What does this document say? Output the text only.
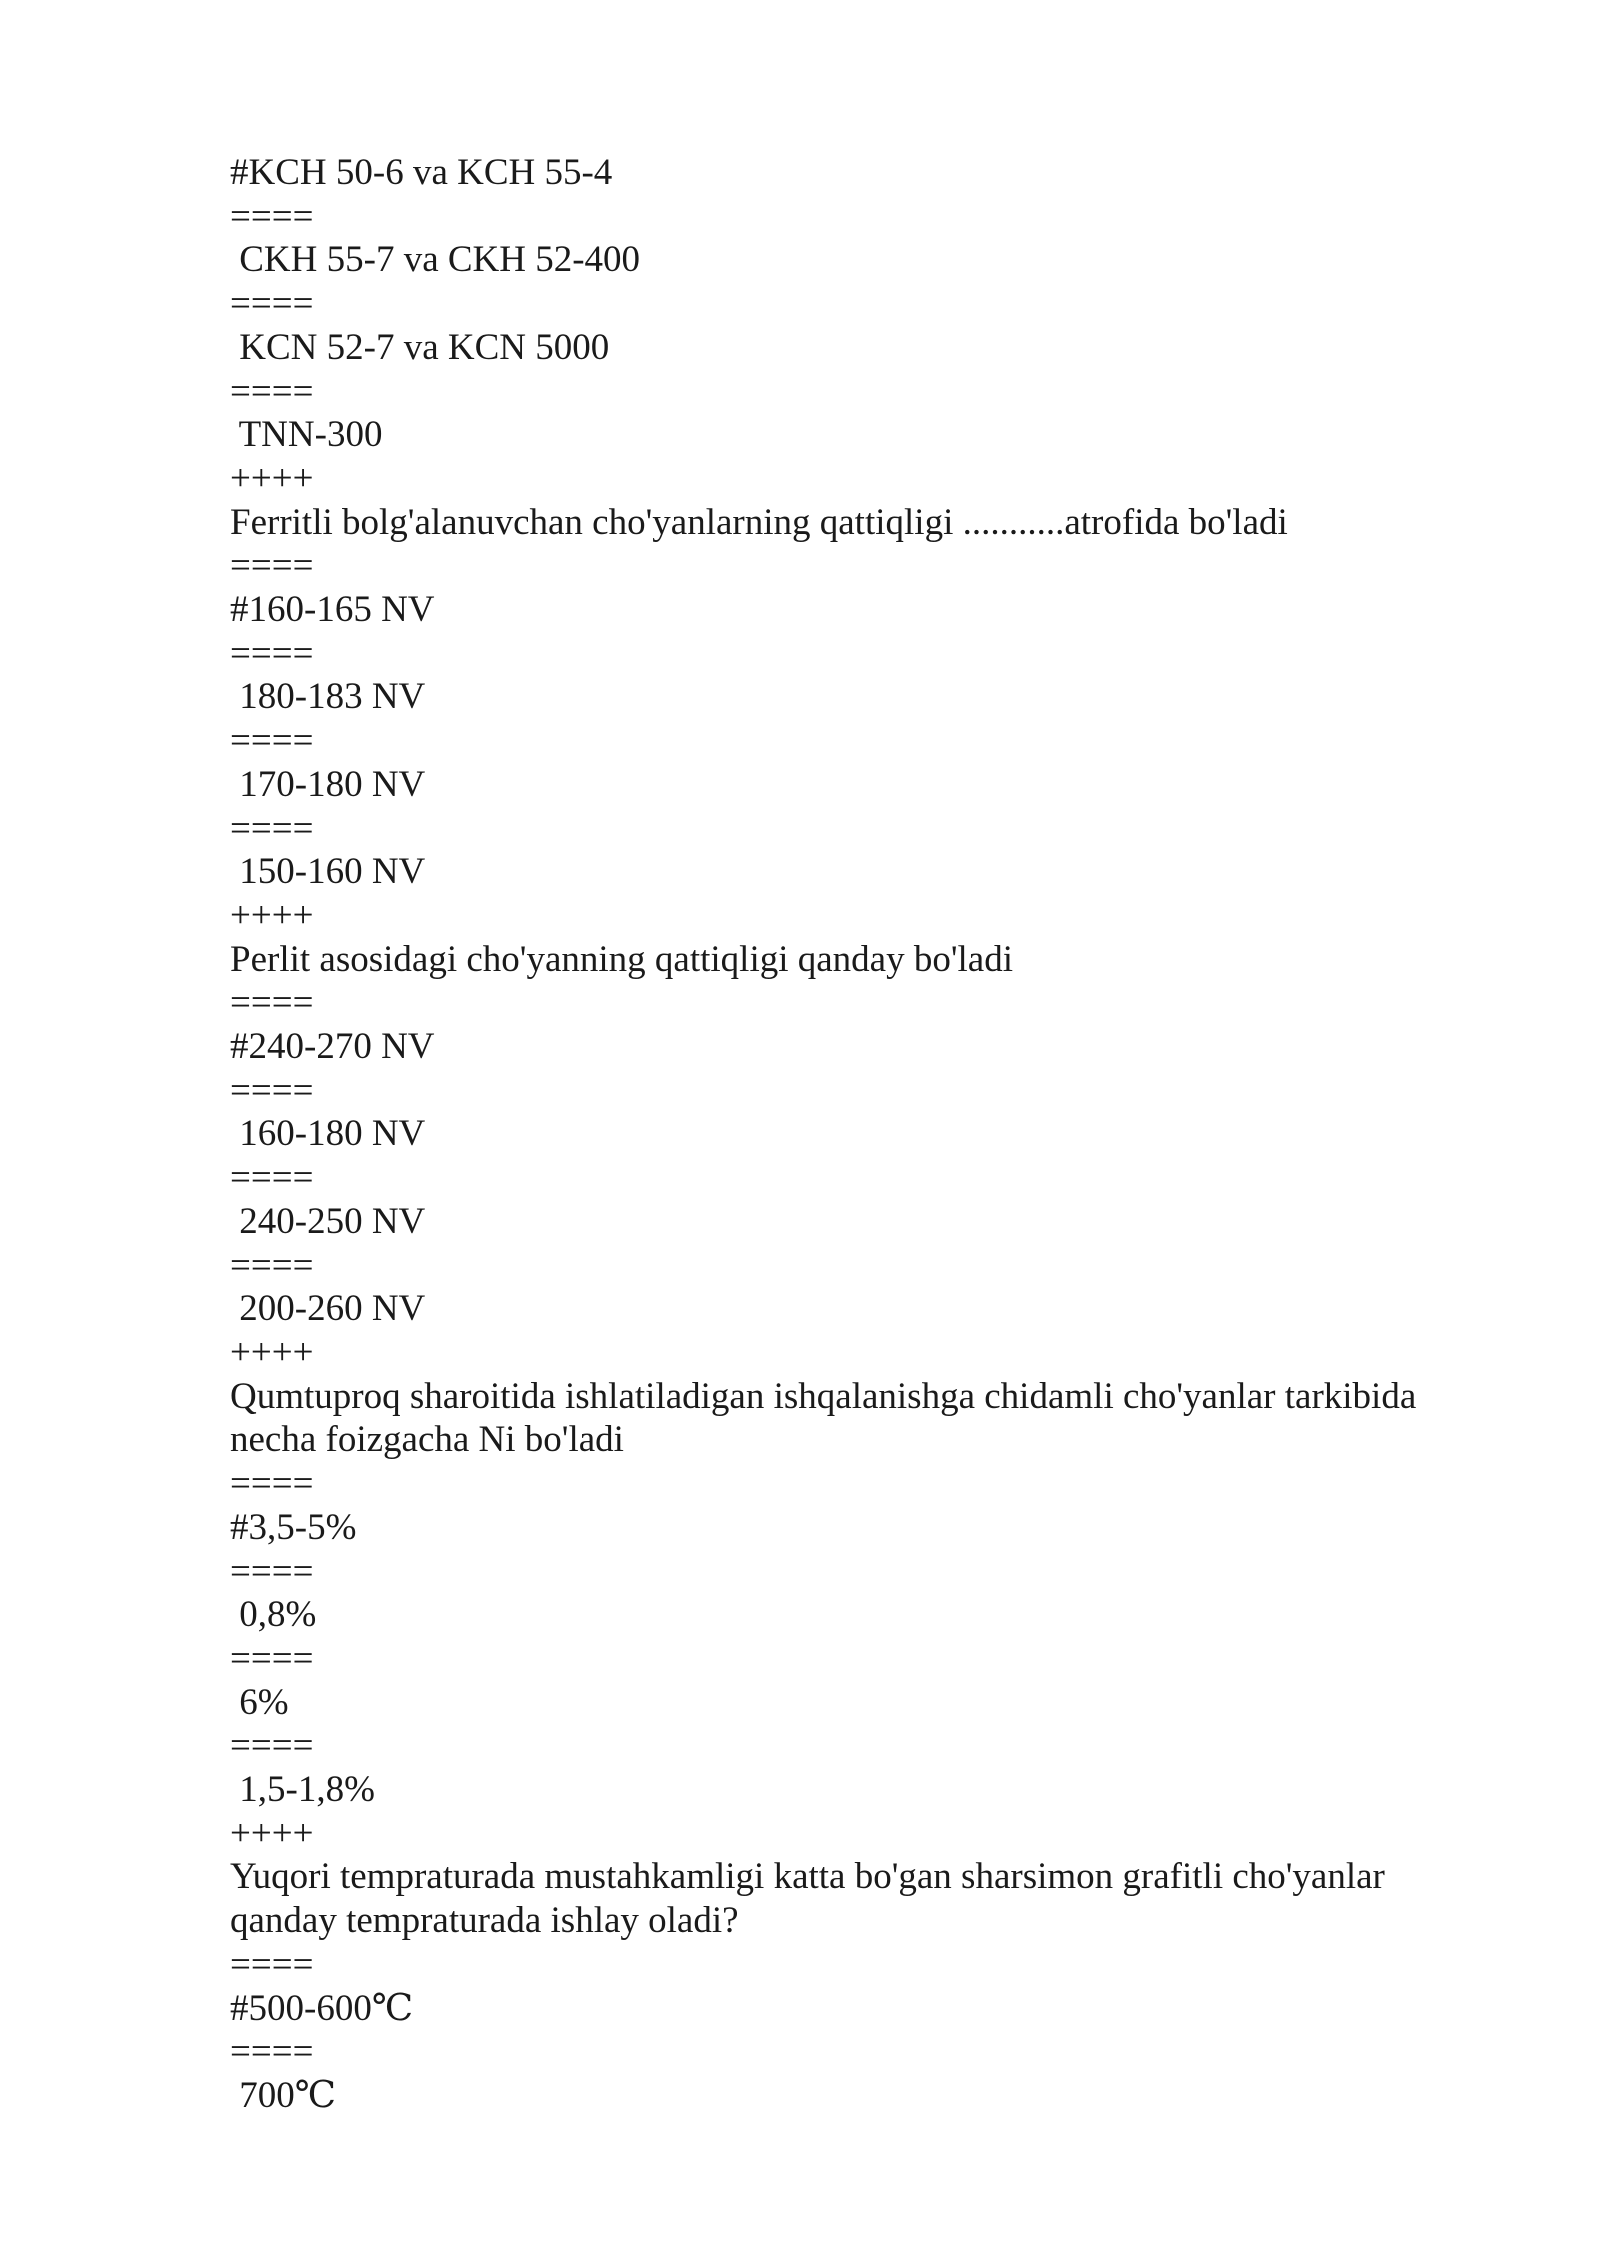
#KCH 50-6 va KCH 55-4
====
CKH 55-7 va CKH 52-400
====
KCN 52-7 va KCN 5000
====
TNN-300
++++
Ferritli bolg'alanuvchan cho'yanlarning qattiqligi ...........atrofida bo'ladi
====
#160-165 NV
====
180-183 NV
====
170-180 NV
====
150-160 NV
++++
Perlit asosidagi cho'yanning qattiqligi qanday bo'ladi
====
#240-270 NV
====
160-180 NV
====
240-250 NV
====
200-260 NV
++++
Qumtuproq sharoitida ishlatiladigan ishqalanishga chidamli cho'yanlar tarkibida
necha foizgacha Ni bo'ladi
====
#3,5-5%
====
0,8%
====
6%
====
1,5-1,8%
++++
Yuqori tempraturada mustahkamligi katta bo'gan sharsimon grafitli cho'yanlar
qanday tempraturada ishlay oladi?
====
#500-600℃
====
700℃
